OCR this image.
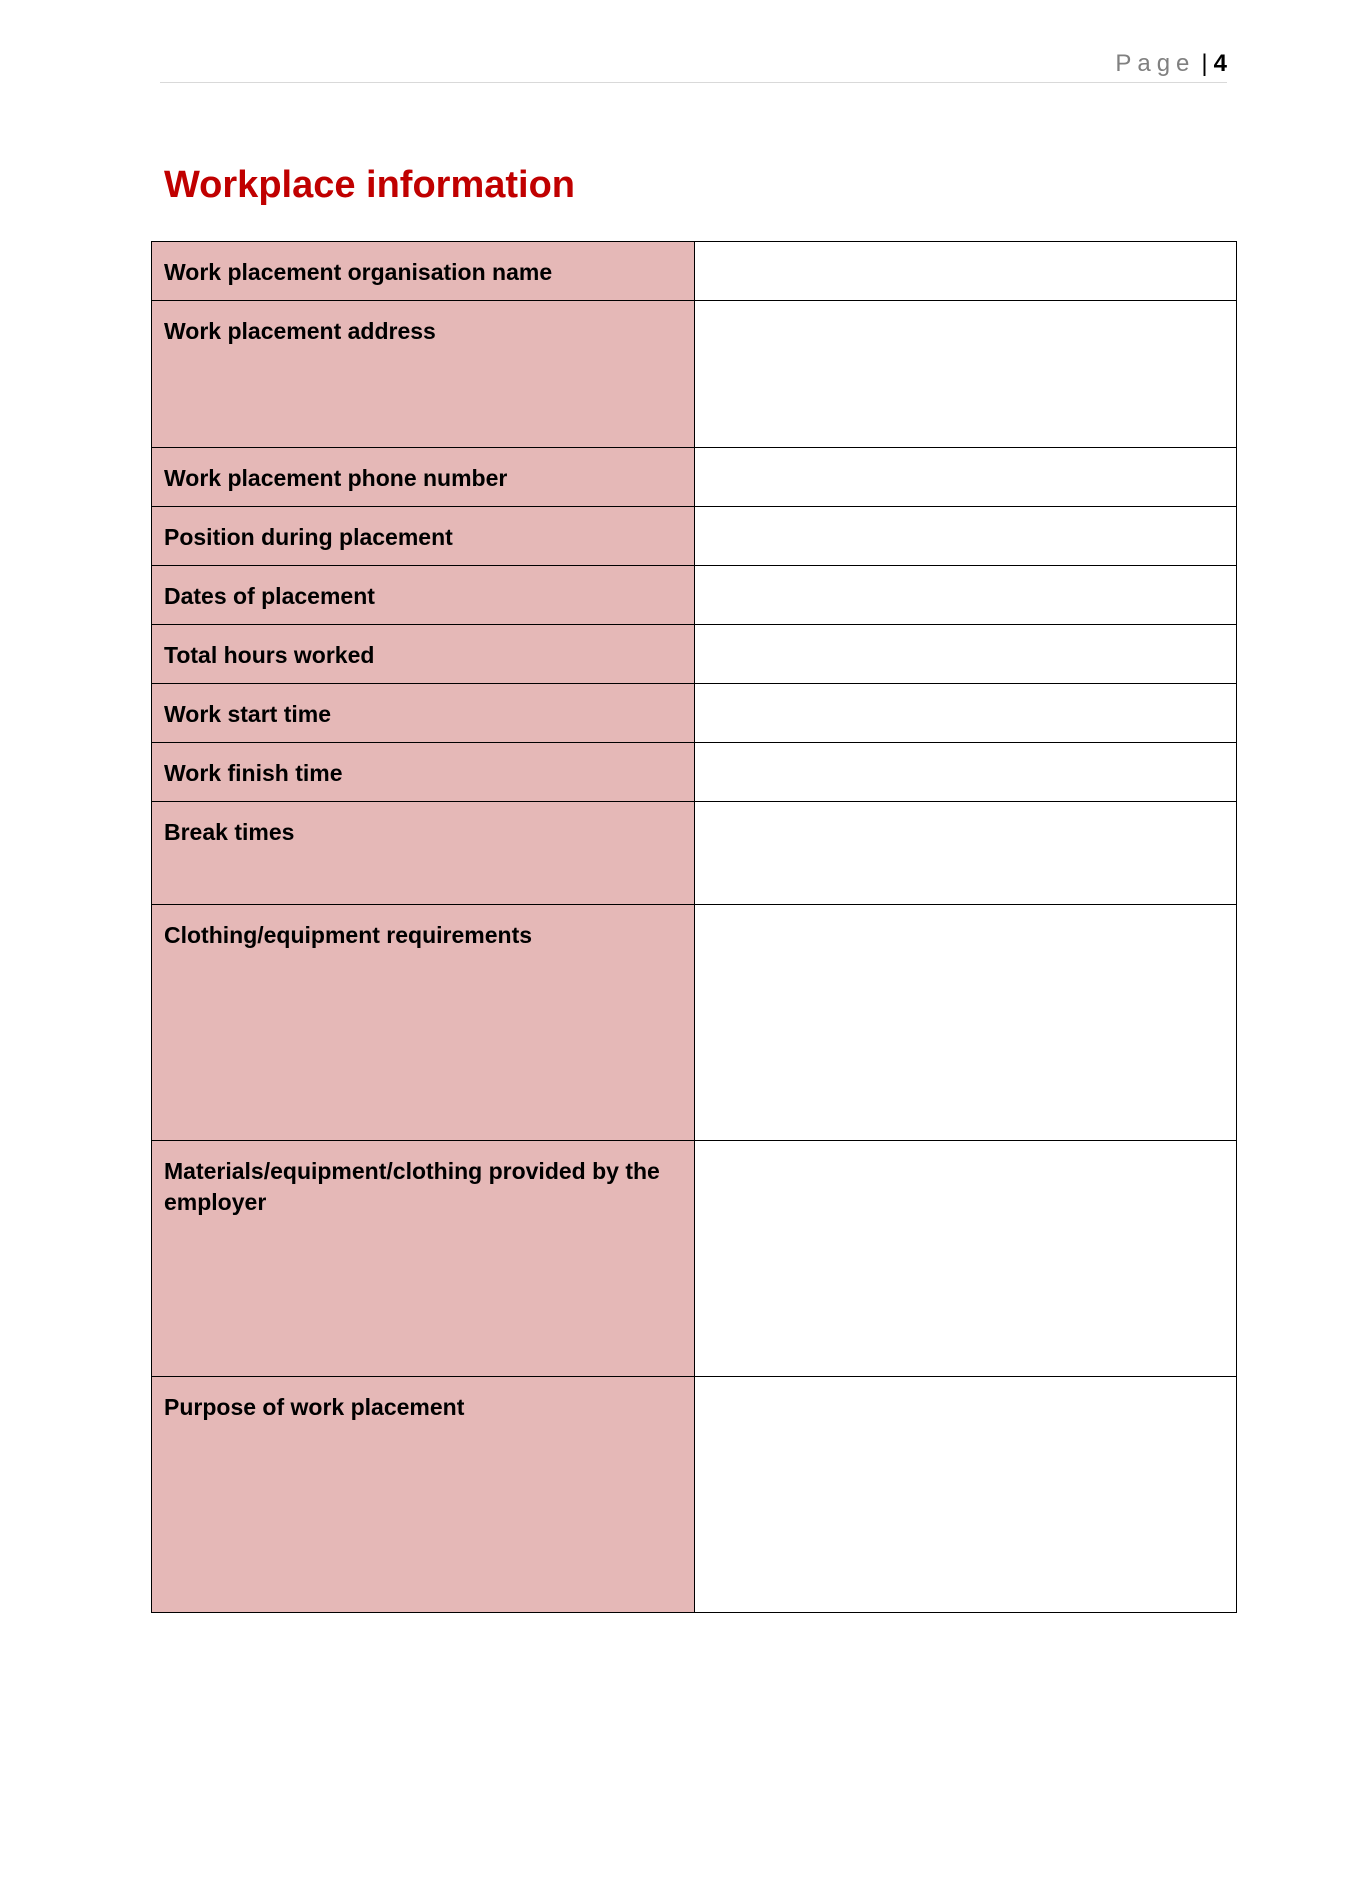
Page | 4
Workplace information
Work placement organisation name	
Work placement address	
Work placement phone number	
Position during placement	
Dates of placement	
Total hours worked	
Work start time	
Work finish time	
Break times	
Clothing/equipment requirements	
Materials/equipment/clothing provided by the employer	
Purpose of work placement	
